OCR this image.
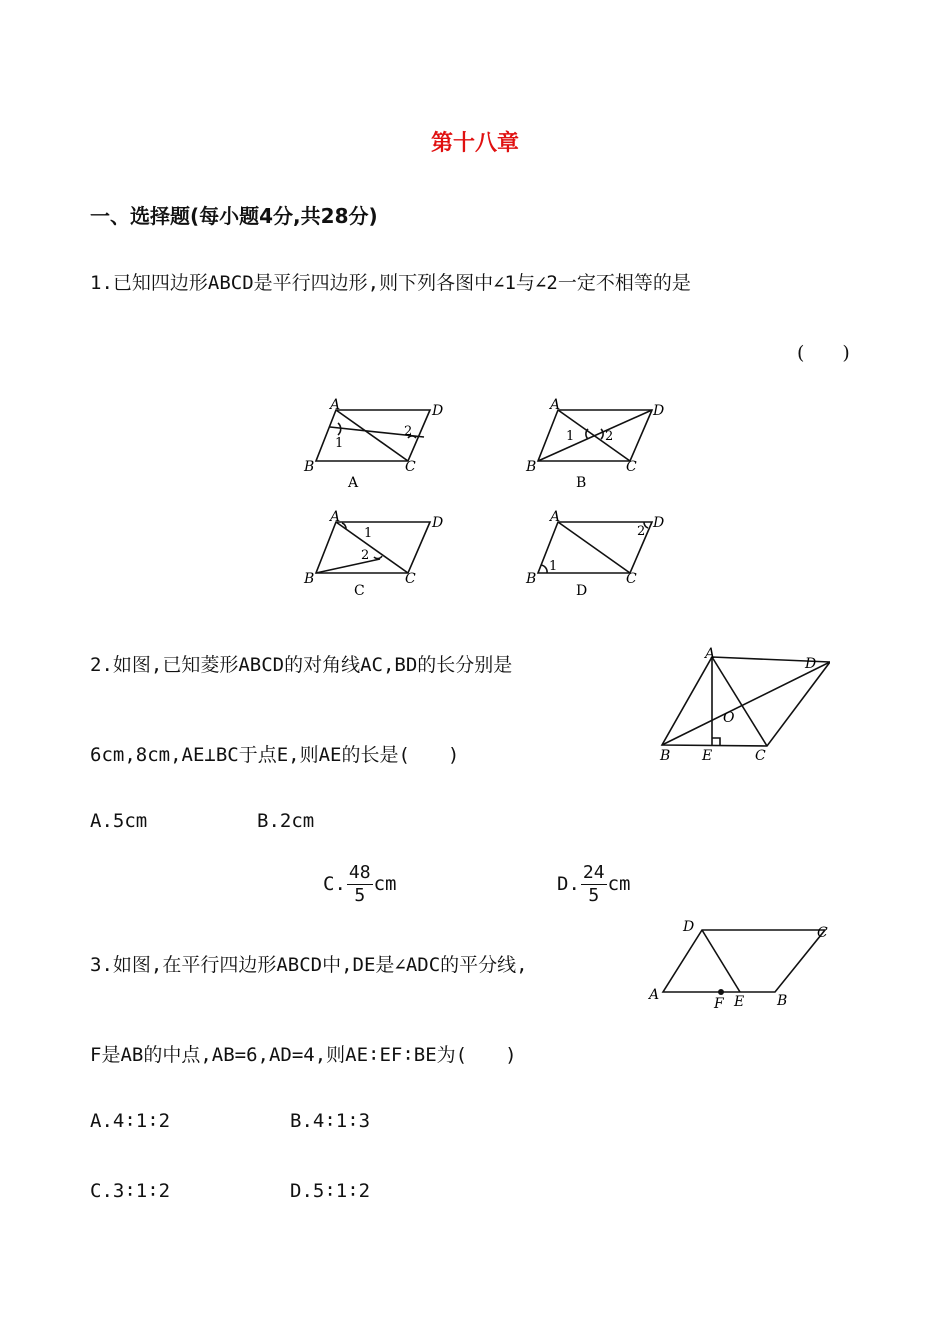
第十八章
一、选择题(每小题4分,共28分)
1.已知四边形ABCD是平行四边形,则下列各图中∠1与∠2一定不相等的是
(　　)
A
B	C
D
1
2
A
A
B	C
D
1 2
B
A
B	C
D
1
2
C
A
B	C
D
1
2
D
2.如图,已知菱形ABCD的对角线AC,BD的长分别是
6cm,8cm,AE⊥BC于点E,则AE的长是(　　)
A
B	C
D
E
O
A.5cm	B.2cm
C. $\frac{48}{5}$ cm	D. $\frac{24}{5}$ cm
3.如图,在平行四边形ABCD中,DE是∠ADC的平分线,
F是AB的中点,AB=6,AD=4,则AE∶EF∶BE为(　　)
D	C
A	B
F E
A.4∶1∶2	B.4∶1∶3
C.3∶1∶2	D.5∶1∶2
